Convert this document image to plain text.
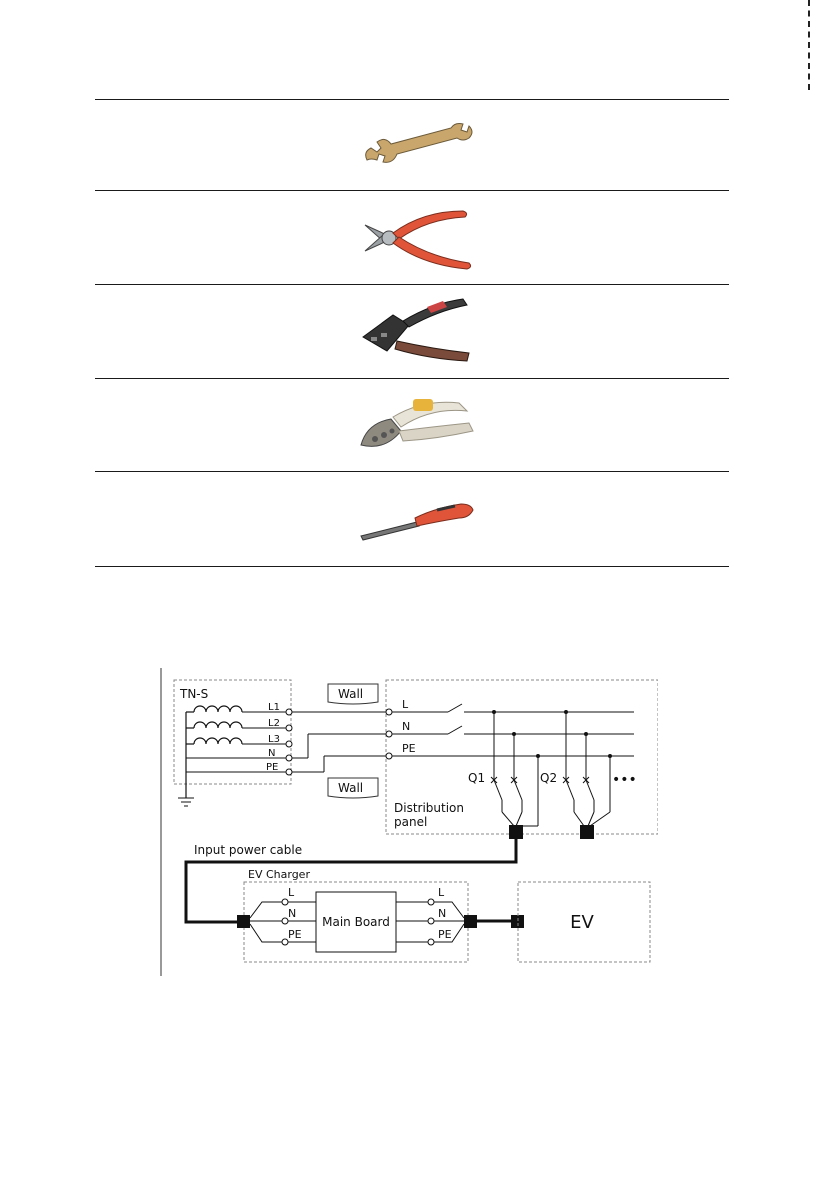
TN-S
L1
L2
L3
N
PE
Wall
Wall
L
N
PE
Q1	Q2	•••
Distribution
panel
Input power cable
EV Charger
L
N
PE
L
N
PE
Main Board	EV
